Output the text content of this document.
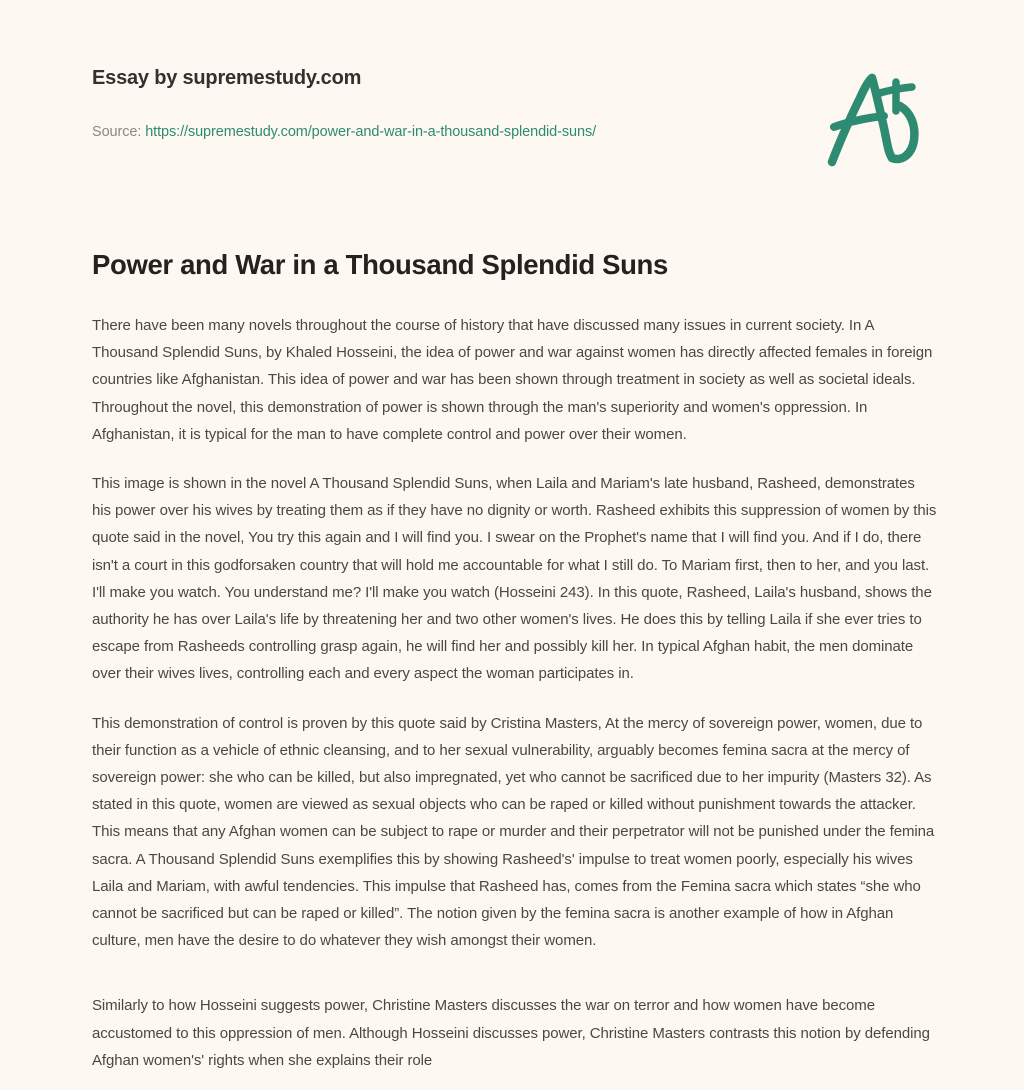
Essay by supremestudy.com
Source: https://supremestudy.com/power-and-war-in-a-thousand-splendid-suns/
Power and War in a Thousand Splendid Suns

There have been many novels throughout the course of history that have discussed many issues in current society. In A Thousand Splendid Suns, by Khaled Hosseini, the idea of power and war against women has directly affected females in foreign countries like Afghanistan. This idea of power and war has been shown through treatment in society as well as societal ideals. Throughout the novel, this demonstration of power is shown through the man's superiority and women's oppression. In Afghanistan, it is typical for the man to have complete control and power over their women.

This image is shown in the novel A Thousand Splendid Suns, when Laila and Mariam's late husband, Rasheed, demonstrates his power over his wives by treating them as if they have no dignity or worth. Rasheed exhibits this suppression of women by this quote said in the novel, You try this again and I will find you. I swear on the Prophet's name that I will find you. And if I do, there isn't a court in this godforsaken country that will hold me accountable for what I still do. To Mariam first, then to her, and you last. I'll make you watch. You understand me? I'll make you watch (Hosseini 243). In this quote, Rasheed, Laila's husband, shows the authority he has over Laila's life by threatening her and two other women's lives. He does this by telling Laila if she ever tries to escape from Rasheeds controlling grasp again, he will find her and possibly kill her. In typical Afghan habit, the men dominate over their wives lives, controlling each and every aspect the woman participates in.

This demonstration of control is proven by this quote said by Cristina Masters, At the mercy of sovereign power, women, due to their function as a vehicle of ethnic cleansing, and to her sexual vulnerability, arguably becomes femina sacra at the mercy of sovereign power: she who can be killed, but also impregnated, yet who cannot be sacrificed due to her impurity (Masters 32). As stated in this quote, women are viewed as sexual objects who can be raped or killed without punishment towards the attacker. This means that any Afghan women can be subject to rape or murder and their perpetrator will not be punished under the femina sacra. A Thousand Splendid Suns exemplifies this by showing Rasheed's' impulse to treat women poorly, especially his wives Laila and Mariam, with awful tendencies. This impulse that Rasheed has, comes from the Femina sacra which states “she who cannot be sacrificed but can be raped or killed”. The notion given by the femina sacra is another example of how in Afghan culture, men have the desire to do whatever they wish amongst their women.

Similarly to how Hosseini suggests power, Christine Masters discusses the war on terror and how women have become accustomed to this oppression of men. Although Hosseini discusses power, Christine Masters contrasts this notion by defending Afghan women's' rights when she explains their role
